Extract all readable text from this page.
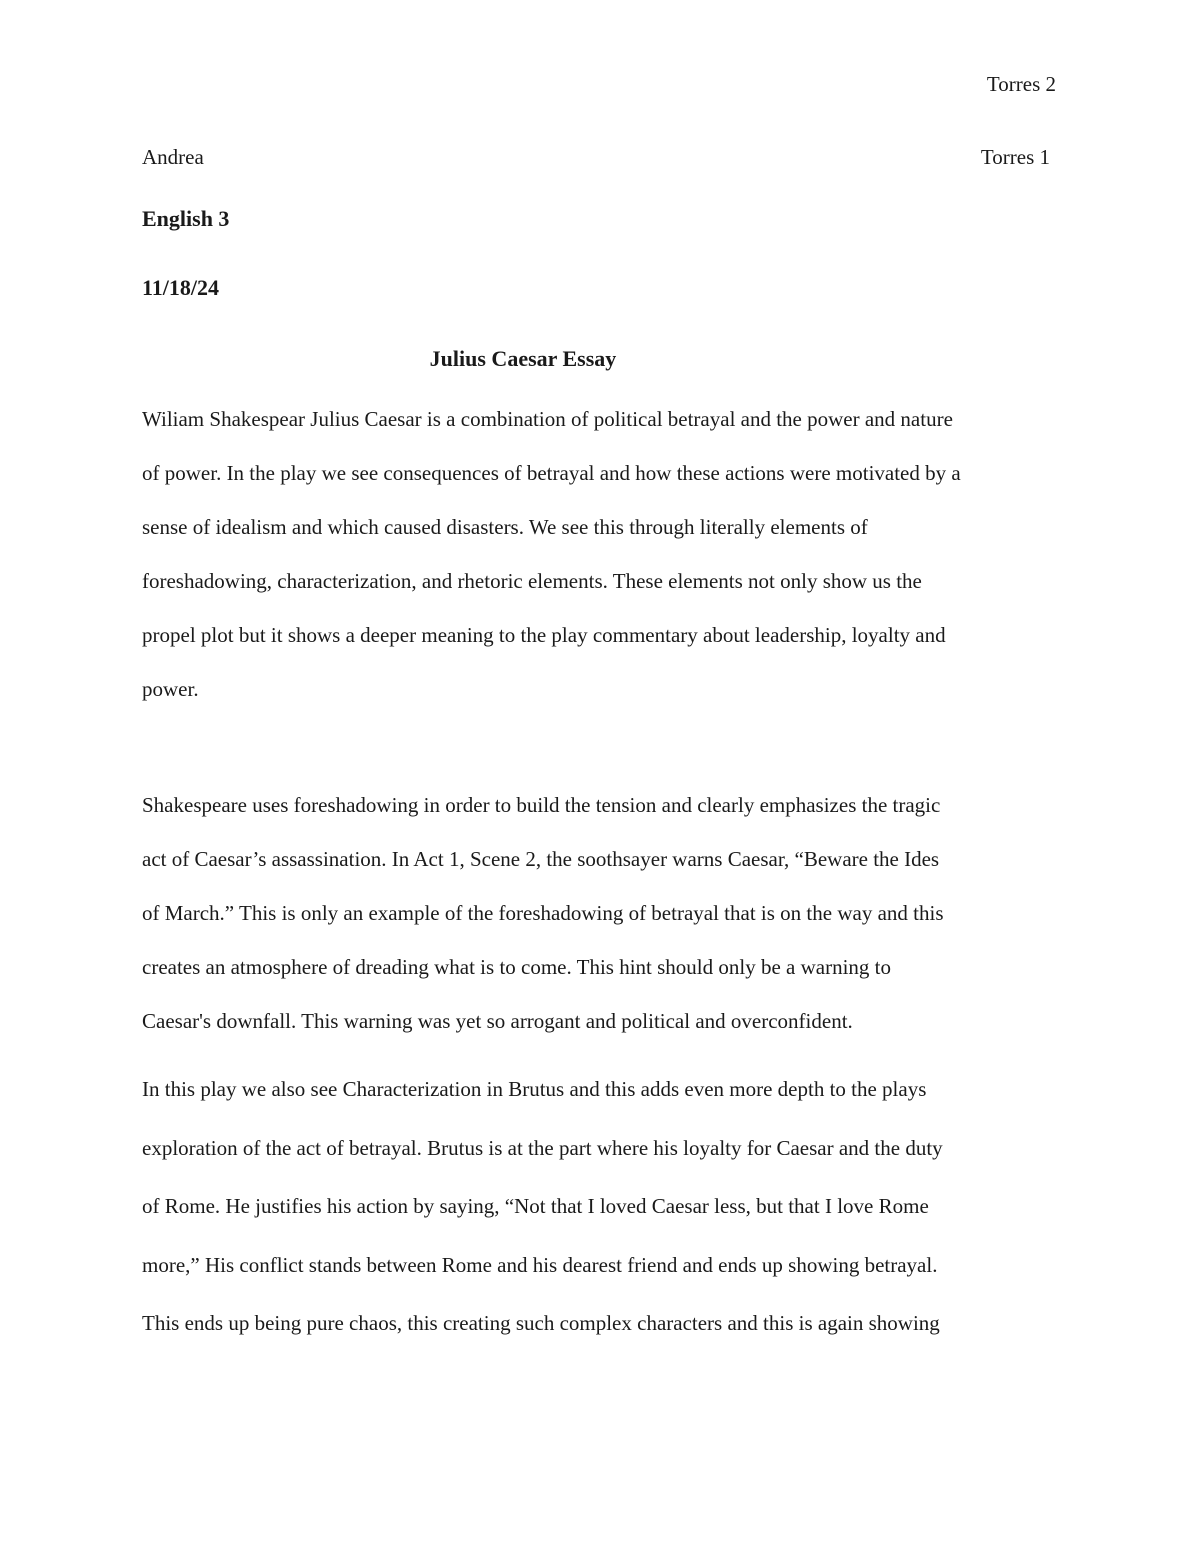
Torres 2
Andrea	Torres 1
English 3
11/18/24
Julius Caesar Essay
Wiliam Shakespear Julius Caesar is a combination of political betrayal and the power and nature
of power. In the play we see consequences of betrayal and how these actions were motivated by a
sense of idealism and which caused disasters. We see this through literally elements of
foreshadowing, characterization, and rhetoric elements. These elements not only show us the
propel plot but it shows a deeper meaning to the play commentary about leadership, loyalty and
power.
Shakespeare uses foreshadowing in order to build the tension and clearly emphasizes the tragic
act of Caesar’s assassination. In Act 1, Scene 2, the soothsayer warns Caesar, “Beware the Ides
of March.” This is only an example of the foreshadowing of betrayal that is on the way and this
creates an atmosphere of dreading what is to come. This hint should only be a warning to
Caesar's downfall. This warning was yet so arrogant and political and overconfident.
In this play we also see Characterization in Brutus and this adds even more depth to the plays
exploration of the act of betrayal. Brutus is at the part where his loyalty for Caesar and the duty
of Rome. He justifies his action by saying, “Not that I loved Caesar less, but that I love Rome
more,” His conflict stands between Rome and his dearest friend and ends up showing betrayal.
This ends up being pure chaos, this creating such complex characters and this is again showing
